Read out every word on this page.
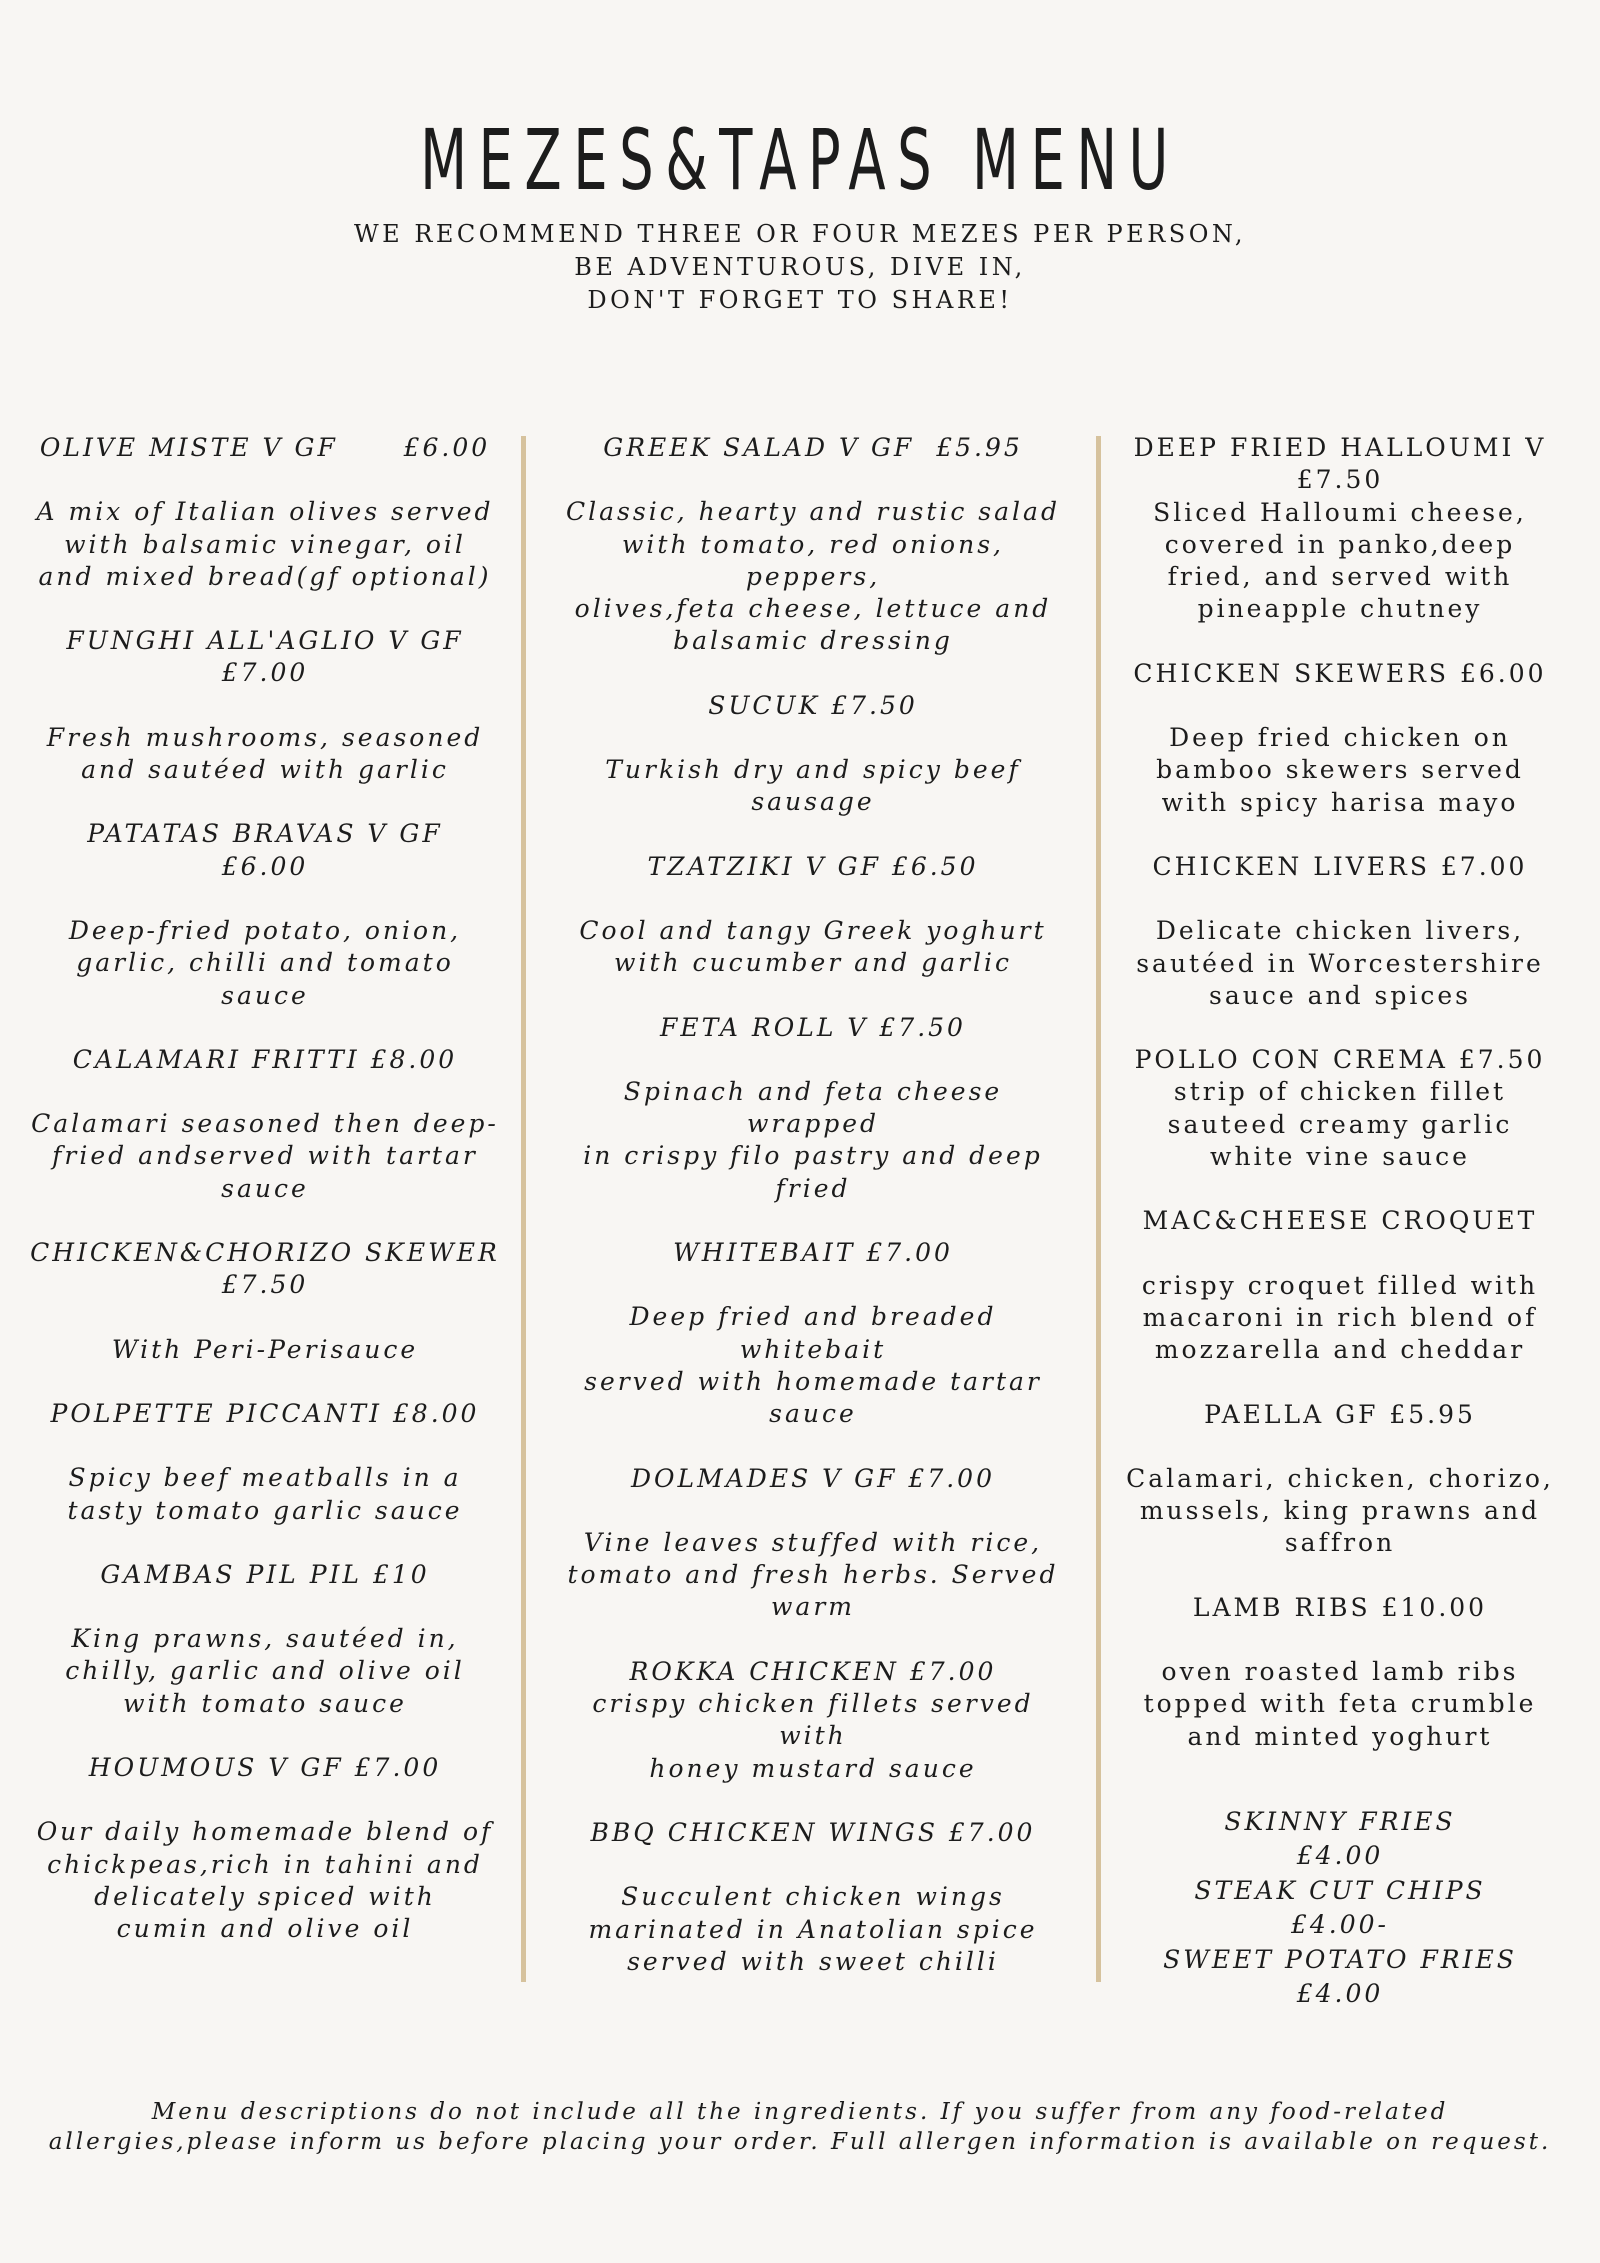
MEZES&TAPAS MENU
WE RECOMMEND THREE OR FOUR MEZES PER PERSON,
BE ADVENTUROUS, DIVE IN,
DON'T FORGET TO SHARE!

OLIVE MISTE V GF	£6.00

A mix of Italian olives served

with balsamic vinegar, oil

and mixed bread(gf optional)

FUNGHI ALL'AGLIO V GF

£7.00

Fresh mushrooms, seasoned

and sautéed with garlic

PATATAS BRAVAS V GF

£6.00

Deep-fried potato, onion,

garlic, chilli and tomato

sauce

CALAMARI FRITTI £8.00

Calamari seasoned then deep-

fried andserved with tartar

sauce

CHICKEN&CHORIZO SKEWER

£7.50

With Peri-Perisauce

POLPETTE PICCANTI £8.00

Spicy beef meatballs in a

tasty tomato garlic sauce

GAMBAS PIL PIL £10

King prawns, sautéed in,

chilly, garlic and olive oil

with tomato sauce

HOUMOUS V GF £7.00

Our daily homemade blend of

chickpeas,rich in tahini and

delicately spiced with

cumin and olive oil

GREEK SALAD V GF £5.95

Classic, hearty and rustic salad

with tomato, red onions, peppers,

olives,feta cheese, lettuce and

balsamic dressing

SUCUK £7.50

Turkish dry and spicy beef

sausage

TZATZIKI V GF £6.50

Cool and tangy Greek yoghurt

with cucumber and garlic

FETA ROLL V £7.50

Spinach and feta cheese wrapped

in crispy filo pastry and deep

fried

WHITEBAIT £7.00

Deep fried and breaded whitebait

served with homemade tartar

sauce

DOLMADES V GF £7.00

Vine leaves stuffed with rice,

tomato and fresh herbs. Served

warm

ROKKA CHICKEN £7.00

crispy chicken fillets served with

honey mustard sauce

BBQ CHICKEN WINGS £7.00

Succulent chicken wings

marinated in Anatolian spice

served with sweet chilli

DEEP FRIED HALLOUMI V

£7.50

Sliced Halloumi cheese,

covered in panko,deep

fried, and served with

pineapple chutney

CHICKEN SKEWERS £6.00

Deep fried chicken on

bamboo skewers served

with spicy harisa mayo

CHICKEN LIVERS £7.00

Delicate chicken livers,

sautéed in Worcestershire

sauce and spices

POLLO CON CREMA £7.50

strip of chicken fillet

sauteed creamy garlic

white vine sauce

MAC&CHEESE CROQUET

crispy croquet filled with

macaroni in rich blend of

mozzarella and cheddar

PAELLA GF £5.95

Calamari, chicken, chorizo,

mussels, king prawns and

saffron

LAMB RIBS £10.00

oven roasted lamb ribs

topped with feta crumble

and minted yoghurt

SKINNY FRIES

£4.00

STEAK CUT CHIPS

£4.00-

SWEET POTATO FRIES

£4.00

Menu descriptions do not include all the ingredients. If you suffer from any food-related
allergies,please inform us before placing your order. Full allergen information is available on request.
